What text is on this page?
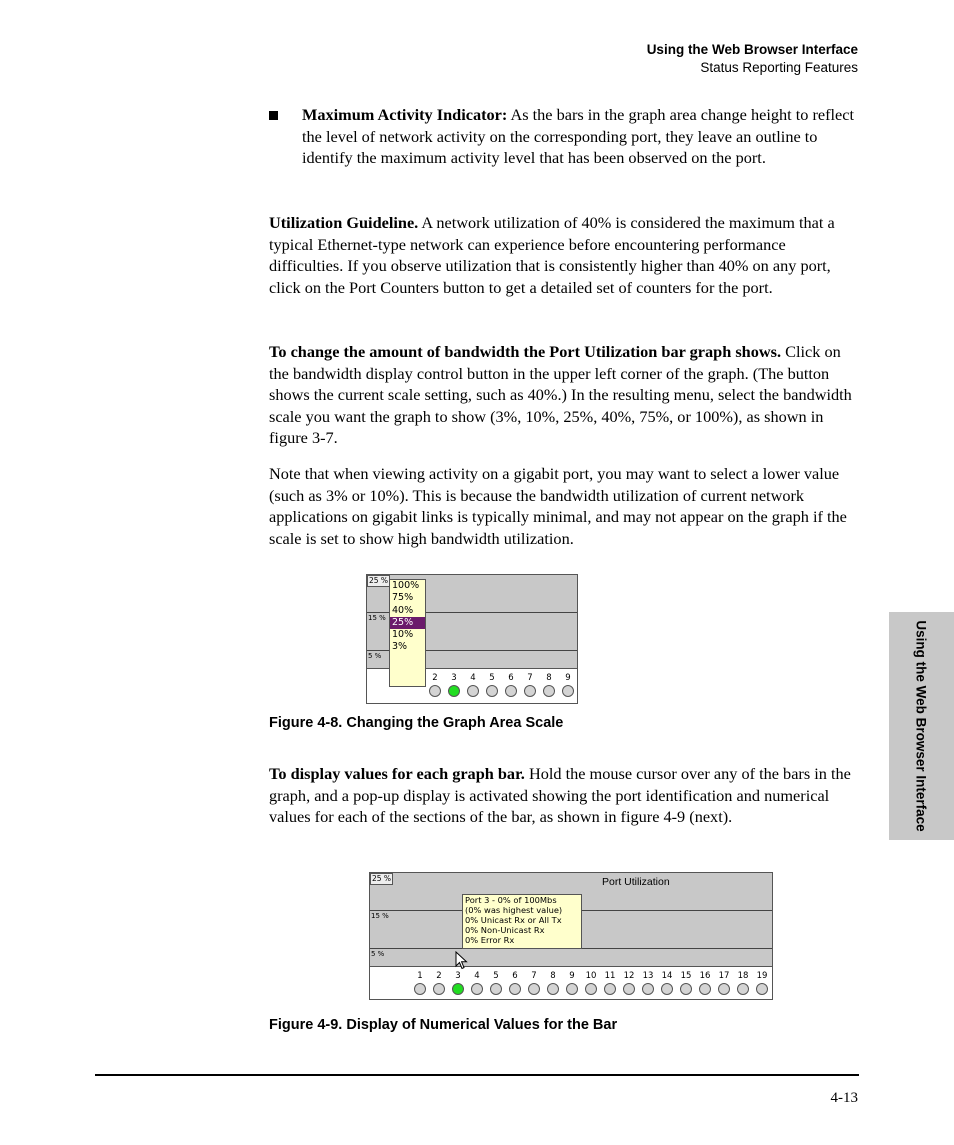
Using the Web Browser Interface
Status Reporting Features
Maximum Activity Indicator: As the bars in the graph area change height to reflect the level of network activity on the corresponding port, they leave an outline to identify the maximum activity level that has been observed on the port.

Utilization Guideline. A network utilization of 40% is considered the maximum that a typical Ethernet-type network can experience before encountering performance difficulties. If you observe utilization that is consistently higher than 40% on any port, click on the Port Counters button to get a detailed set of counters for the port.

To change the amount of bandwidth the Port Utilization bar graph shows. Click on the bandwidth display control button in the upper left corner of the graph. (The button shows the current scale setting, such as 40%.) In the resulting menu, select the bandwidth scale you want the graph to show (3%, 10%, 25%, 40%, 75%, or 100%), as shown in figure 3-7.

Note that when viewing activity on a gigabit port, you may want to select a lower value (such as 3% or 10%). This is because the bandwidth utilization of current network applications on gigabit links is typically minimal, and may not appear on the graph if the scale is set to show high bandwidth utilization.

25 %
15 %
5 %
100%
75%
40%
25%
10%
3%
2	3	4	5	6	7	8	9
Figure 4-8. Changing the Graph Area Scale

To display values for each graph bar. Hold the mouse cursor over any of the bars in the graph, and a pop-up display is activated showing the port identification and numerical values for each of the sections of the bar, as shown in figure 4-9 (next).

25 %
15 %
5 %
Port Utilization
Port 3 - 0% of 100Mbs
(0% was highest value)
0% Unicast Rx or All Tx
0% Non-Unicast Rx
0% Error Rx
1	2	3	4	5	6	7	8	9	10 11 12 13 14 15 16 17 18 19
Figure 4-9. Display of Numerical Values for the Bar
Using the Web Browser Interface
4-13
